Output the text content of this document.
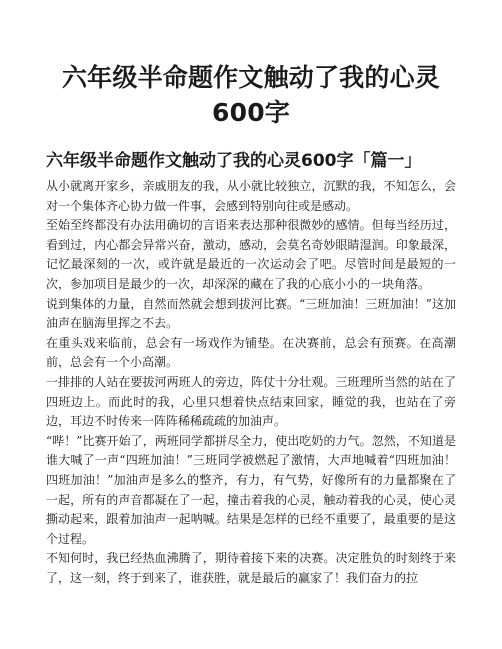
六年级半命题作文触动了我的心灵600字
六年级半命题作文触动了我的心灵600字「篇一」

从小就离开家乡，亲戚朋友的我，从小就比较独立，沉默的我，不知怎么，会对一个集体齐心协力做一件事，会感到特别向往或是感动。

至始至终都没有办法用确切的言语来表达那种很微妙的感情。但每当经历过，看到过，内心都会异常兴奋，激动，感动，会莫名奇妙眼睛湿润。印象最深，记忆最深刻的一次，或许就是最近的一次运动会了吧。尽管时间是最短的一次，参加项目是最少的一次，却深深的藏在了我的心底小小的一块角落。

说到集体的力量，自然而然就会想到拔河比赛。“三班加油！三班加油！”这加油声在脑海里挥之不去。

在重头戏来临前，总会有一场戏作为铺垫。在决赛前，总会有预赛。在高潮前，总会有一个小高潮。

一排排的人站在要拔河两班人的旁边，阵仗十分壮观。三班理所当然的站在了四班边上。而此时的我，心里只想着快点结束回家，睡觉的我，也站在了旁边，耳边不时传来一阵阵稀稀疏疏的加油声。

“哔！”比赛开始了，两班同学都拼尽全力，使出吃奶的力气。忽然，不知道是谁大喊了一声“四班加油！”三班同学被燃起了激情，大声地喊着“四班加油！四班加油！”加油声是多么的整齐，有力，有气势，好像所有的力量都聚在了一起，所有的声音都凝在了一起，撞击着我的心灵，触动着我的心灵，使心灵撕动起来，跟着加油声一起呐喊。结果是怎样的已经不重要了，最重要的是这个过程。

不知何时，我已经热血沸腾了，期待着接下来的决赛。决定胜负的时刻终于来了，这一刻，终于到来了，谁获胜，就是最后的赢家了！我们奋力的拉
